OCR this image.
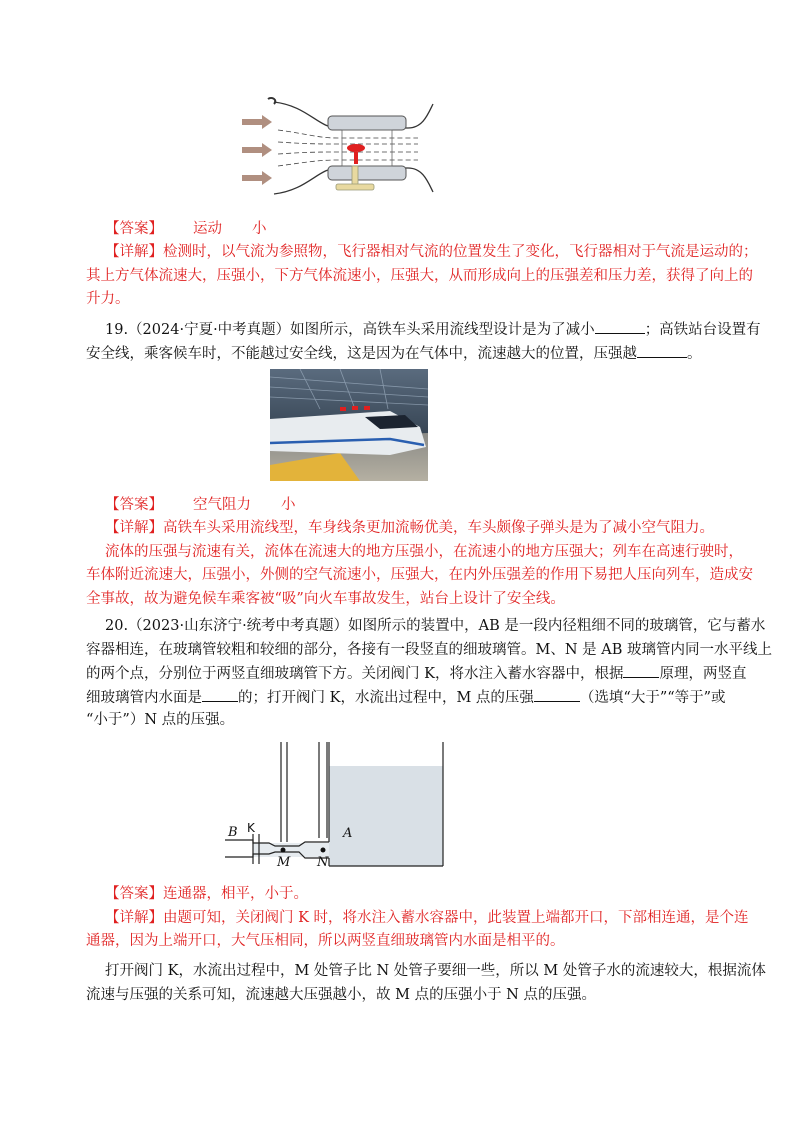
【答案】 运动 小
【详解】检测时，以气流为参照物，飞行器相对气流的位置发生了变化，飞行器相对于气流是运动的；
其上方气体流速大，压强小，下方气体流速小，压强大，从而形成向上的压强差和压力差，获得了向上的
升力。
19.（2024·宁夏·中考真题）如图所示，高铁车头采用流线型设计是为了减小	；高铁站台设置有
安全线，乘客候车时，不能越过安全线，这是因为在气体中，流速越大的位置，压强越	。
【答案】 空气阻力 小
【详解】高铁车头采用流线型，车身线条更加流畅优美，车头颇像子弹头是为了减小空气阻力。
流体的压强与流速有关，流体在流速大的地方压强小，在流速小的地方压强大；列车在高速行驶时，
车体附近流速大，压强小，外侧的空气流速小，压强大，在内外压强差的作用下易把人压向列车，造成安
全事故，故为避免候车乘客被“吸”向火车事故发生，站台上设计了安全线。
20.（2023·山东济宁·统考中考真题）如图所示的装置中，AB 是一段内径粗细不同的玻璃管，它与蓄水
容器相连，在玻璃管较粗和较细的部分，各接有一段竖直的细玻璃管。M、N 是 AB 玻璃管内同一水平线上
的两个点，分别位于两竖直细玻璃管下方。关闭阀门 K，将水注入蓄水容器中，根据 原理，两竖直
细玻璃管内水面是 的；打开阀门 K，水流出过程中，M 点的压强	（选填“大于”“等于”或
“小于”）N 点的压强。
B	A
M N
K
【答案】连通器，相平，小于。
【详解】由题可知，关闭阀门 K 时，将水注入蓄水容器中，此装置上端都开口，下部相连通，是个连
通器，因为上端开口，大气压相同，所以两竖直细玻璃管内水面是相平的。
打开阀门 K，水流出过程中，M 处管子比 N 处管子要细一些，所以 M 处管子水的流速较大，根据流体
流速与压强的关系可知，流速越大压强越小，故 M 点的压强小于 N 点的压强。
